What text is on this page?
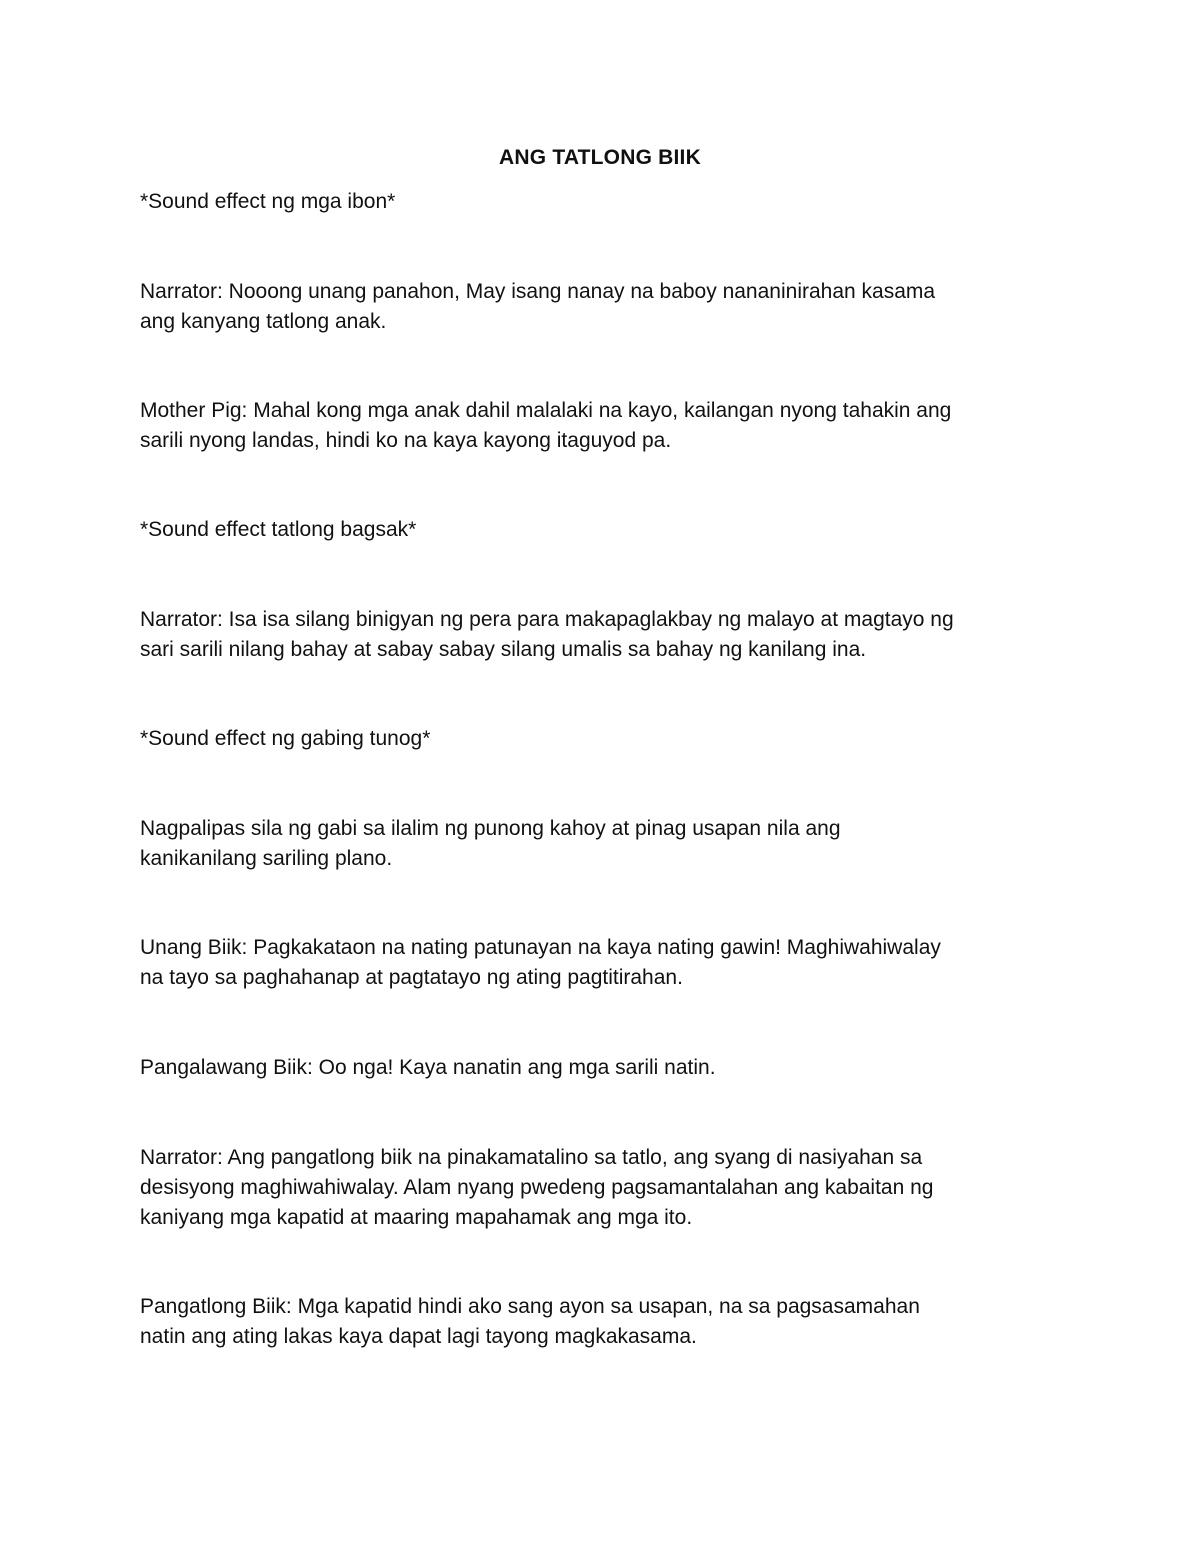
ANG TATLONG BIIK

*Sound effect ng mga ibon*

Narrator: Nooong unang panahon, May isang nanay na baboy nananinirahan kasama
ang kanyang tatlong anak.

Mother Pig: Mahal kong mga anak dahil malalaki na kayo, kailangan nyong tahakin ang
sarili nyong landas, hindi ko na kaya kayong itaguyod pa.

*Sound effect tatlong bagsak*

Narrator: Isa isa silang binigyan ng pera para makapaglakbay ng malayo at magtayo ng
sari sarili nilang bahay at sabay sabay silang umalis sa bahay ng kanilang ina.

*Sound effect ng gabing tunog*

Nagpalipas sila ng gabi sa ilalim ng punong kahoy at pinag usapan nila ang
kanikanilang sariling plano.

Unang Biik: Pagkakataon na nating patunayan na kaya nating gawin! Maghiwahiwalay
na tayo sa paghahanap at pagtatayo ng ating pagtitirahan.

Pangalawang Biik: Oo nga! Kaya nanatin ang mga sarili natin.

Narrator: Ang pangatlong biik na pinakamatalino sa tatlo, ang syang di nasiyahan sa
desisyong maghiwahiwalay. Alam nyang pwedeng pagsamantalahan ang kabaitan ng
kaniyang mga kapatid at maaring mapahamak ang mga ito.

Pangatlong Biik: Mga kapatid hindi ako sang ayon sa usapan, na sa pagsasamahan
natin ang ating lakas kaya dapat lagi tayong magkakasama.
